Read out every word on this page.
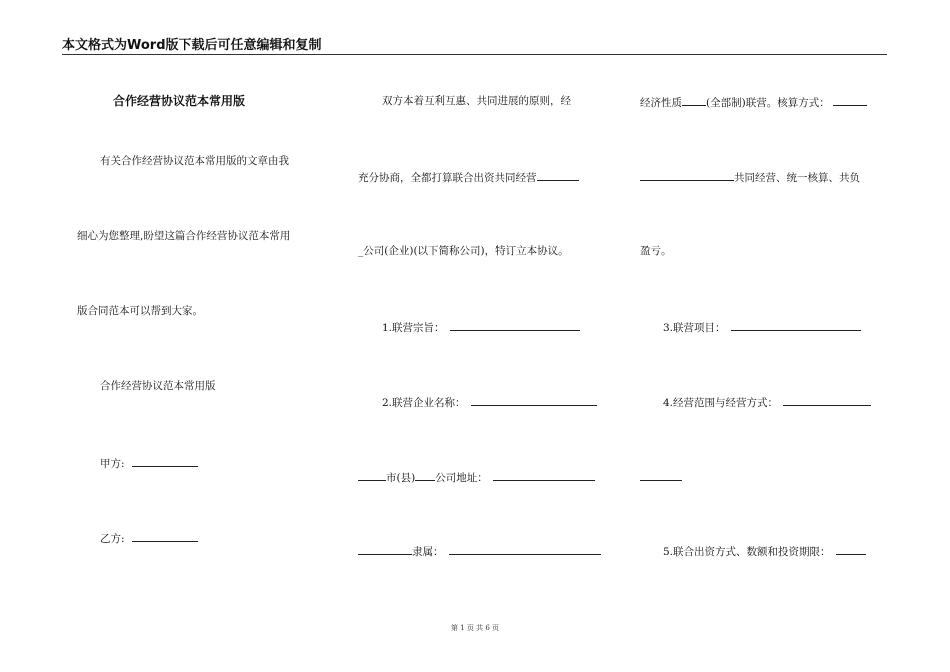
本文格式为Word版下载后可任意编辑和复制
合作经营协议范本常用版
有关合作经营协议范本常用版的文章由我
细心为您整理,盼望这篇合作经营协议范本常用
版合同范本可以帮到大家。
合作经营协议范本常用版
甲方:
乙方:
双方本着互利互惠、共同进展的原则，经
充分协商，全都打算联合出资共同经营
_公司(企业)(以下简称公司)，特订立本协议。
1.联营宗旨：
2.联营企业名称：
市(县) 公司地址：
隶属：
经济性质 (全部制)联营。核算方式：
共同经营、统一核算、共负
盈亏。
3.联营项目：
4.经营范围与经营方式：
5.联合出资方式、数额和投资期限：
第 1 页 共 6 页
